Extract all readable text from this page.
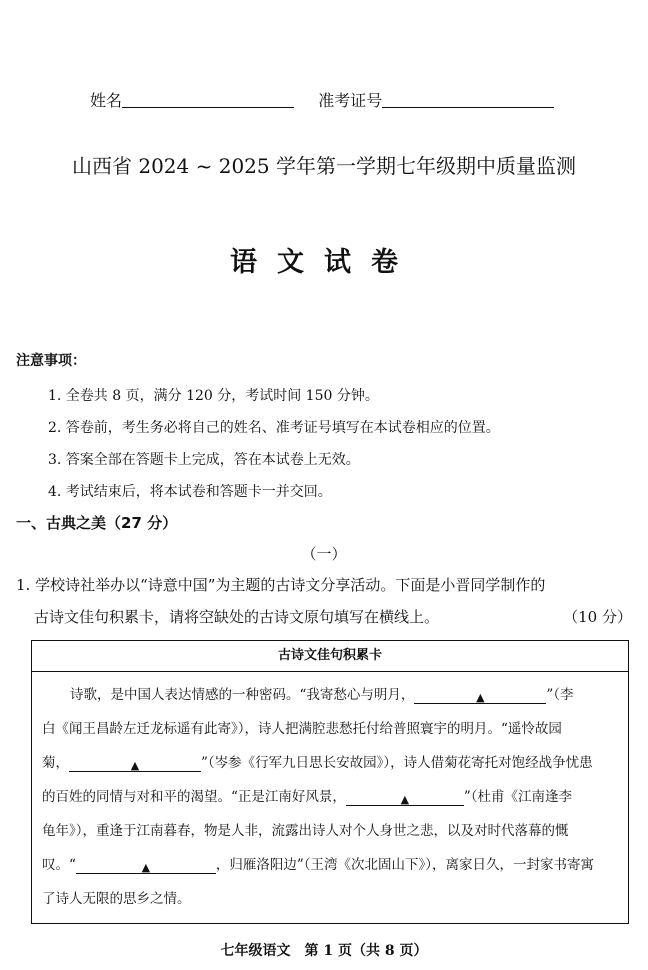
姓名	准考证号
山西省 2024 ~ 2025 学年第一学期七年级期中质量监测
语文试卷
注意事项：
1. 全卷共 8 页，满分 120 分，考试时间 150 分钟。
2. 答卷前，考生务必将自己的姓名、准考证号填写在本试卷相应的位置。
3. 答案全部在答题卡上完成，答在本试卷上无效。
4. 考试结束后，将本试卷和答题卡一并交回。
一、古典之美（27 分）
（一）
1. 学校诗社举办以“诗意中国”为主题的古诗文分享活动。下面是小晋同学制作的
古诗文佳句积累卡，请将空缺处的古诗文原句填写在横线上。	（10 分）
古诗文佳句积累卡
诗歌，是中国人表达情感的一种密码。“我寄愁心与明月，	▲	”（李
白《闻王昌龄左迁龙标遥有此寄》），诗人把满腔悲愁托付给普照寰宇的明月。“遥怜故园
菊，	▲	”（岑参《行军九日思长安故园》），诗人借菊花寄托对饱经战争忧患
的百姓的同情与对和平的渴望。“正是江南好风景，	▲	”（杜甫《江南逢李
龟年》），重逢于江南暮春，物是人非，流露出诗人对个人身世之悲，以及对时代落幕的慨
叹。“	▲	，归雁洛阳边”（王湾《次北固山下》），离家日久，一封家书寄寓
了诗人无限的思乡之情。
七年级语文　第 1 页（共 8 页）
